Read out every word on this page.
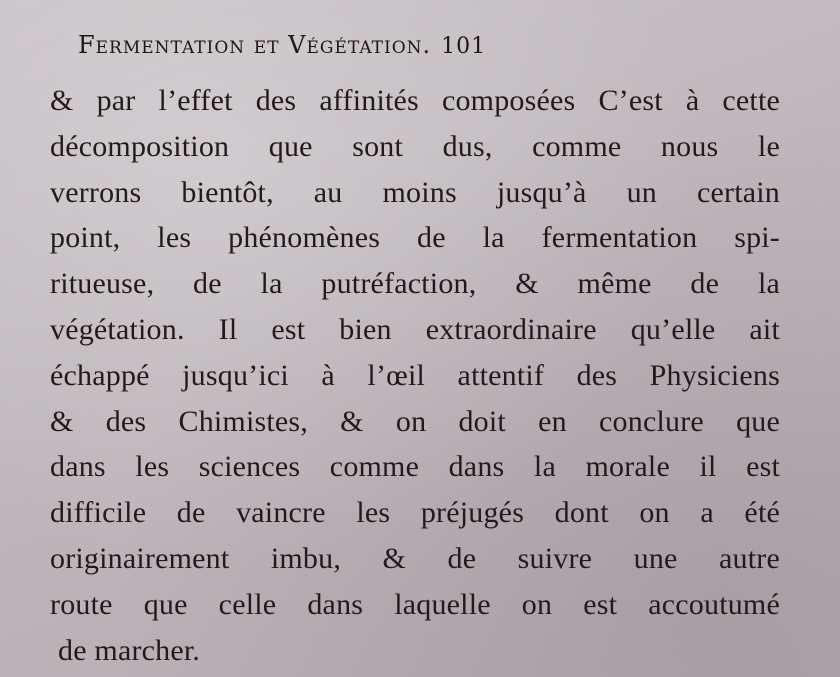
Fermentation et Végétation. 101
& par l’effet des affinités composées C’est à cette
décomposition que sont dus, comme nous le
verrons bientôt, au moins jusqu’à un certain
point, les phénomènes de la fermentation spi-
ritueuse, de la putréfaction, & même de la
végétation. Il est bien extraordinaire qu’elle ait
échappé jusqu’ici à l’œil attentif des Physiciens
& des Chimistes, & on doit en conclure que
dans les sciences comme dans la morale il est
difficile de vaincre les préjugés dont on a été
originairement imbu, & de suivre une autre
route que celle dans laquelle on est accoutumé
de marcher.
